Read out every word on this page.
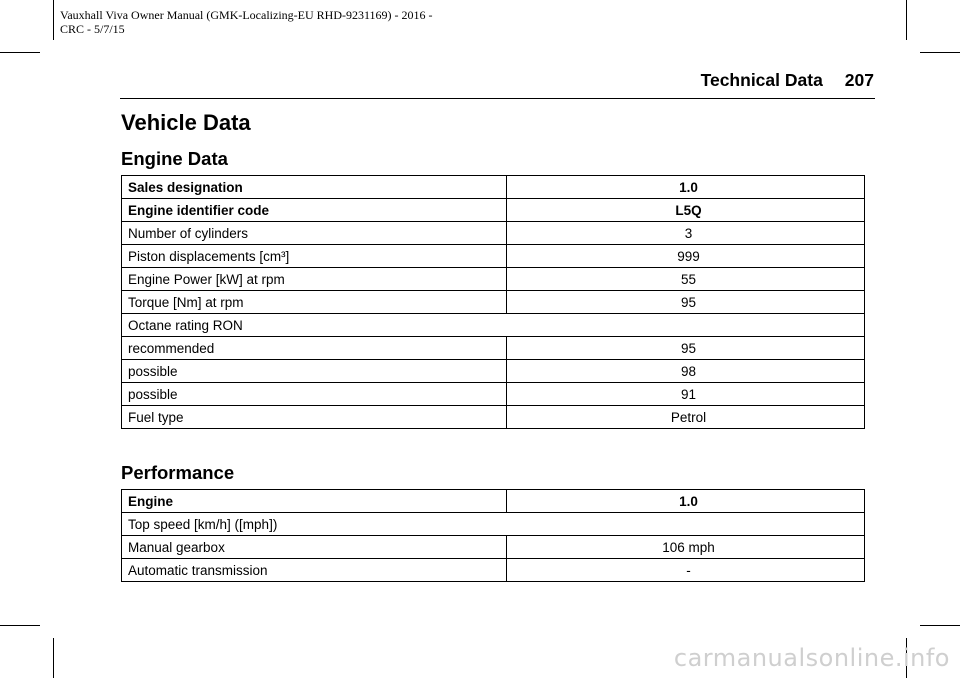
Vauxhall Viva Owner Manual (GMK-Localizing-EU RHD-9231169) - 2016 -
CRC - 5/7/15
Technical Data 207
Vehicle Data
Engine Data
Sales designation	1.0
Engine identifier code	L5Q
Number of cylinders	3
Piston displacements [cm³]	999
Engine Power [kW] at rpm	55
Torque [Nm] at rpm	95
Octane rating RON	
recommended	95
possible	98
possible	91
Fuel type	Petrol
Performance
Engine	1.0
Top speed [km/h] ([mph])	
Manual gearbox	106 mph
Automatic transmission	-
carmanualsonline.info
